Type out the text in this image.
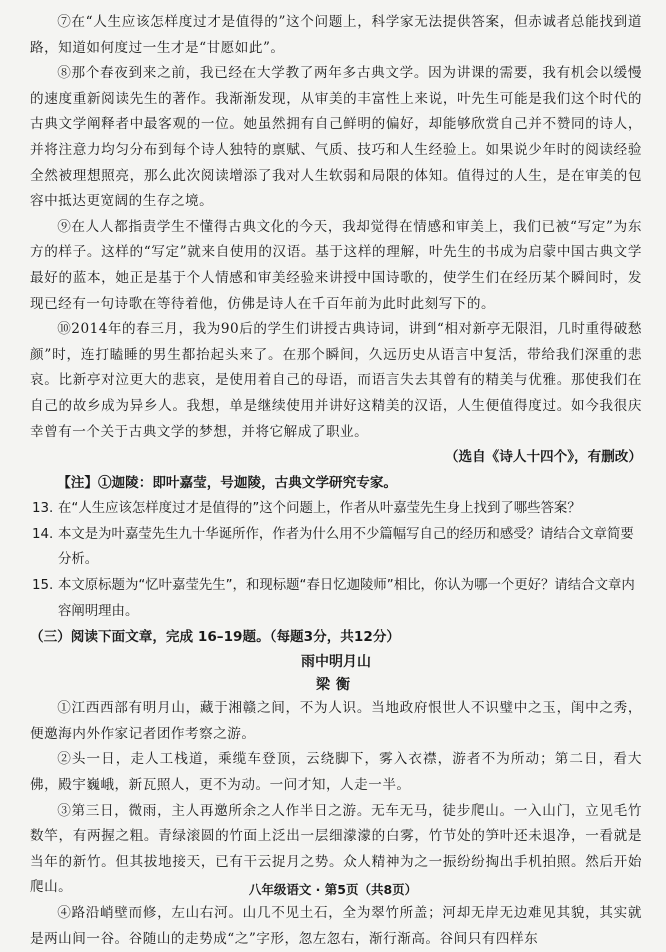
⑦在“人生应该怎样度过才是值得的”这个问题上，科学家无法提供答案，但赤诚者总能找到道路，知道如何度过一生才是“甘愿如此”。

⑧那个春夜到来之前，我已经在大学教了两年多古典文学。因为讲课的需要，我有机会以缓慢的速度重新阅读先生的著作。我渐渐发现，从审美的丰富性上来说，叶先生可能是我们这个时代的古典文学阐释者中最客观的一位。她虽然拥有自己鲜明的偏好，却能够欣赏自己并不赞同的诗人，并将注意力均匀分布到每个诗人独特的禀赋、气质、技巧和人生经验上。如果说少年时的阅读经验全然被理想照亮，那么此次阅读增添了我对人生软弱和局限的体知。值得过的人生，是在审美的包容中抵达更宽阔的生存之境。

⑨在人人都指责学生不懂得古典文化的今天，我却觉得在情感和审美上，我们已被“写定”为东方的样子。这样的“写定”就来自使用的汉语。基于这样的理解，叶先生的书成为启蒙中国古典文学最好的蓝本，她正是基于个人情感和审美经验来讲授中国诗歌的，使学生们在经历某个瞬间时，发现已经有一句诗歌在等待着他，仿佛是诗人在千百年前为此时此刻写下的。

⑩2014年的春三月，我为90后的学生们讲授古典诗词，讲到“相对新亭无限泪，几时重得破愁颜”时，连打瞌睡的男生都抬起头来了。在那个瞬间，久远历史从语言中复活，带给我们深重的悲哀。比新亭对泣更大的悲哀，是使用着自己的母语，而语言失去其曾有的精美与优雅。那使我们在自己的故乡成为异乡人。我想，单是继续使用并讲好这精美的汉语，人生便值得度过。如今我很庆幸曾有一个关于古典文学的梦想，并将它解成了职业。

（选自《诗人十四个》，有删改）

【注】①迦陵：即叶嘉莹，号迦陵，古典文学研究专家。

13. 在“人生应该怎样度过才是值得的”这个问题上，作者从叶嘉莹先生身上找到了哪些答案？
14. 本文是为叶嘉莹先生九十华诞所作，作者为什么用不少篇幅写自己的经历和感受？请结合文章简要分析。
15. 本文原标题为“忆叶嘉莹先生”，和现标题“春日忆迦陵师”相比，你认为哪一个更好？请结合文章内容阐明理由。

（三）阅读下面文章，完成 16–19题。（每题3分，共12分）

雨中明月山

梁衡

①江西西部有明月山，藏于湘赣之间，不为人识。当地政府恨世人不识璧中之玉，闺中之秀，便邀海内外作家记者团作考察之游。

②头一日，走人工栈道，乘缆车登顶，云绕脚下，雾入衣襟，游者不为所动；第二日，看大佛，殿宇巍峨，新瓦照人，更不为动。一问才知，人走一半。

③第三日，微雨，主人再邀所余之人作半日之游。无车无马，徒步爬山。一入山门，立见毛竹数竿，有两握之粗。青绿滚圆的竹面上泛出一层细濛濛的白雾，竹节处的笋叶还未退净，一看就是当年的新竹。但其拔地接天，已有干云捉月之势。众人精神为之一振纷纷掏出手机拍照。然后开始爬山。

④路沿峭壁而修，左山右河。山几不见土石，全为翠竹所盖；河却无岸无边难见其貌，其实就是两山间一谷。谷随山的走势成“之”字形，忽左忽右，渐行渐高。谷间只有四样东

八年级语文 · 第5页（共8页）
